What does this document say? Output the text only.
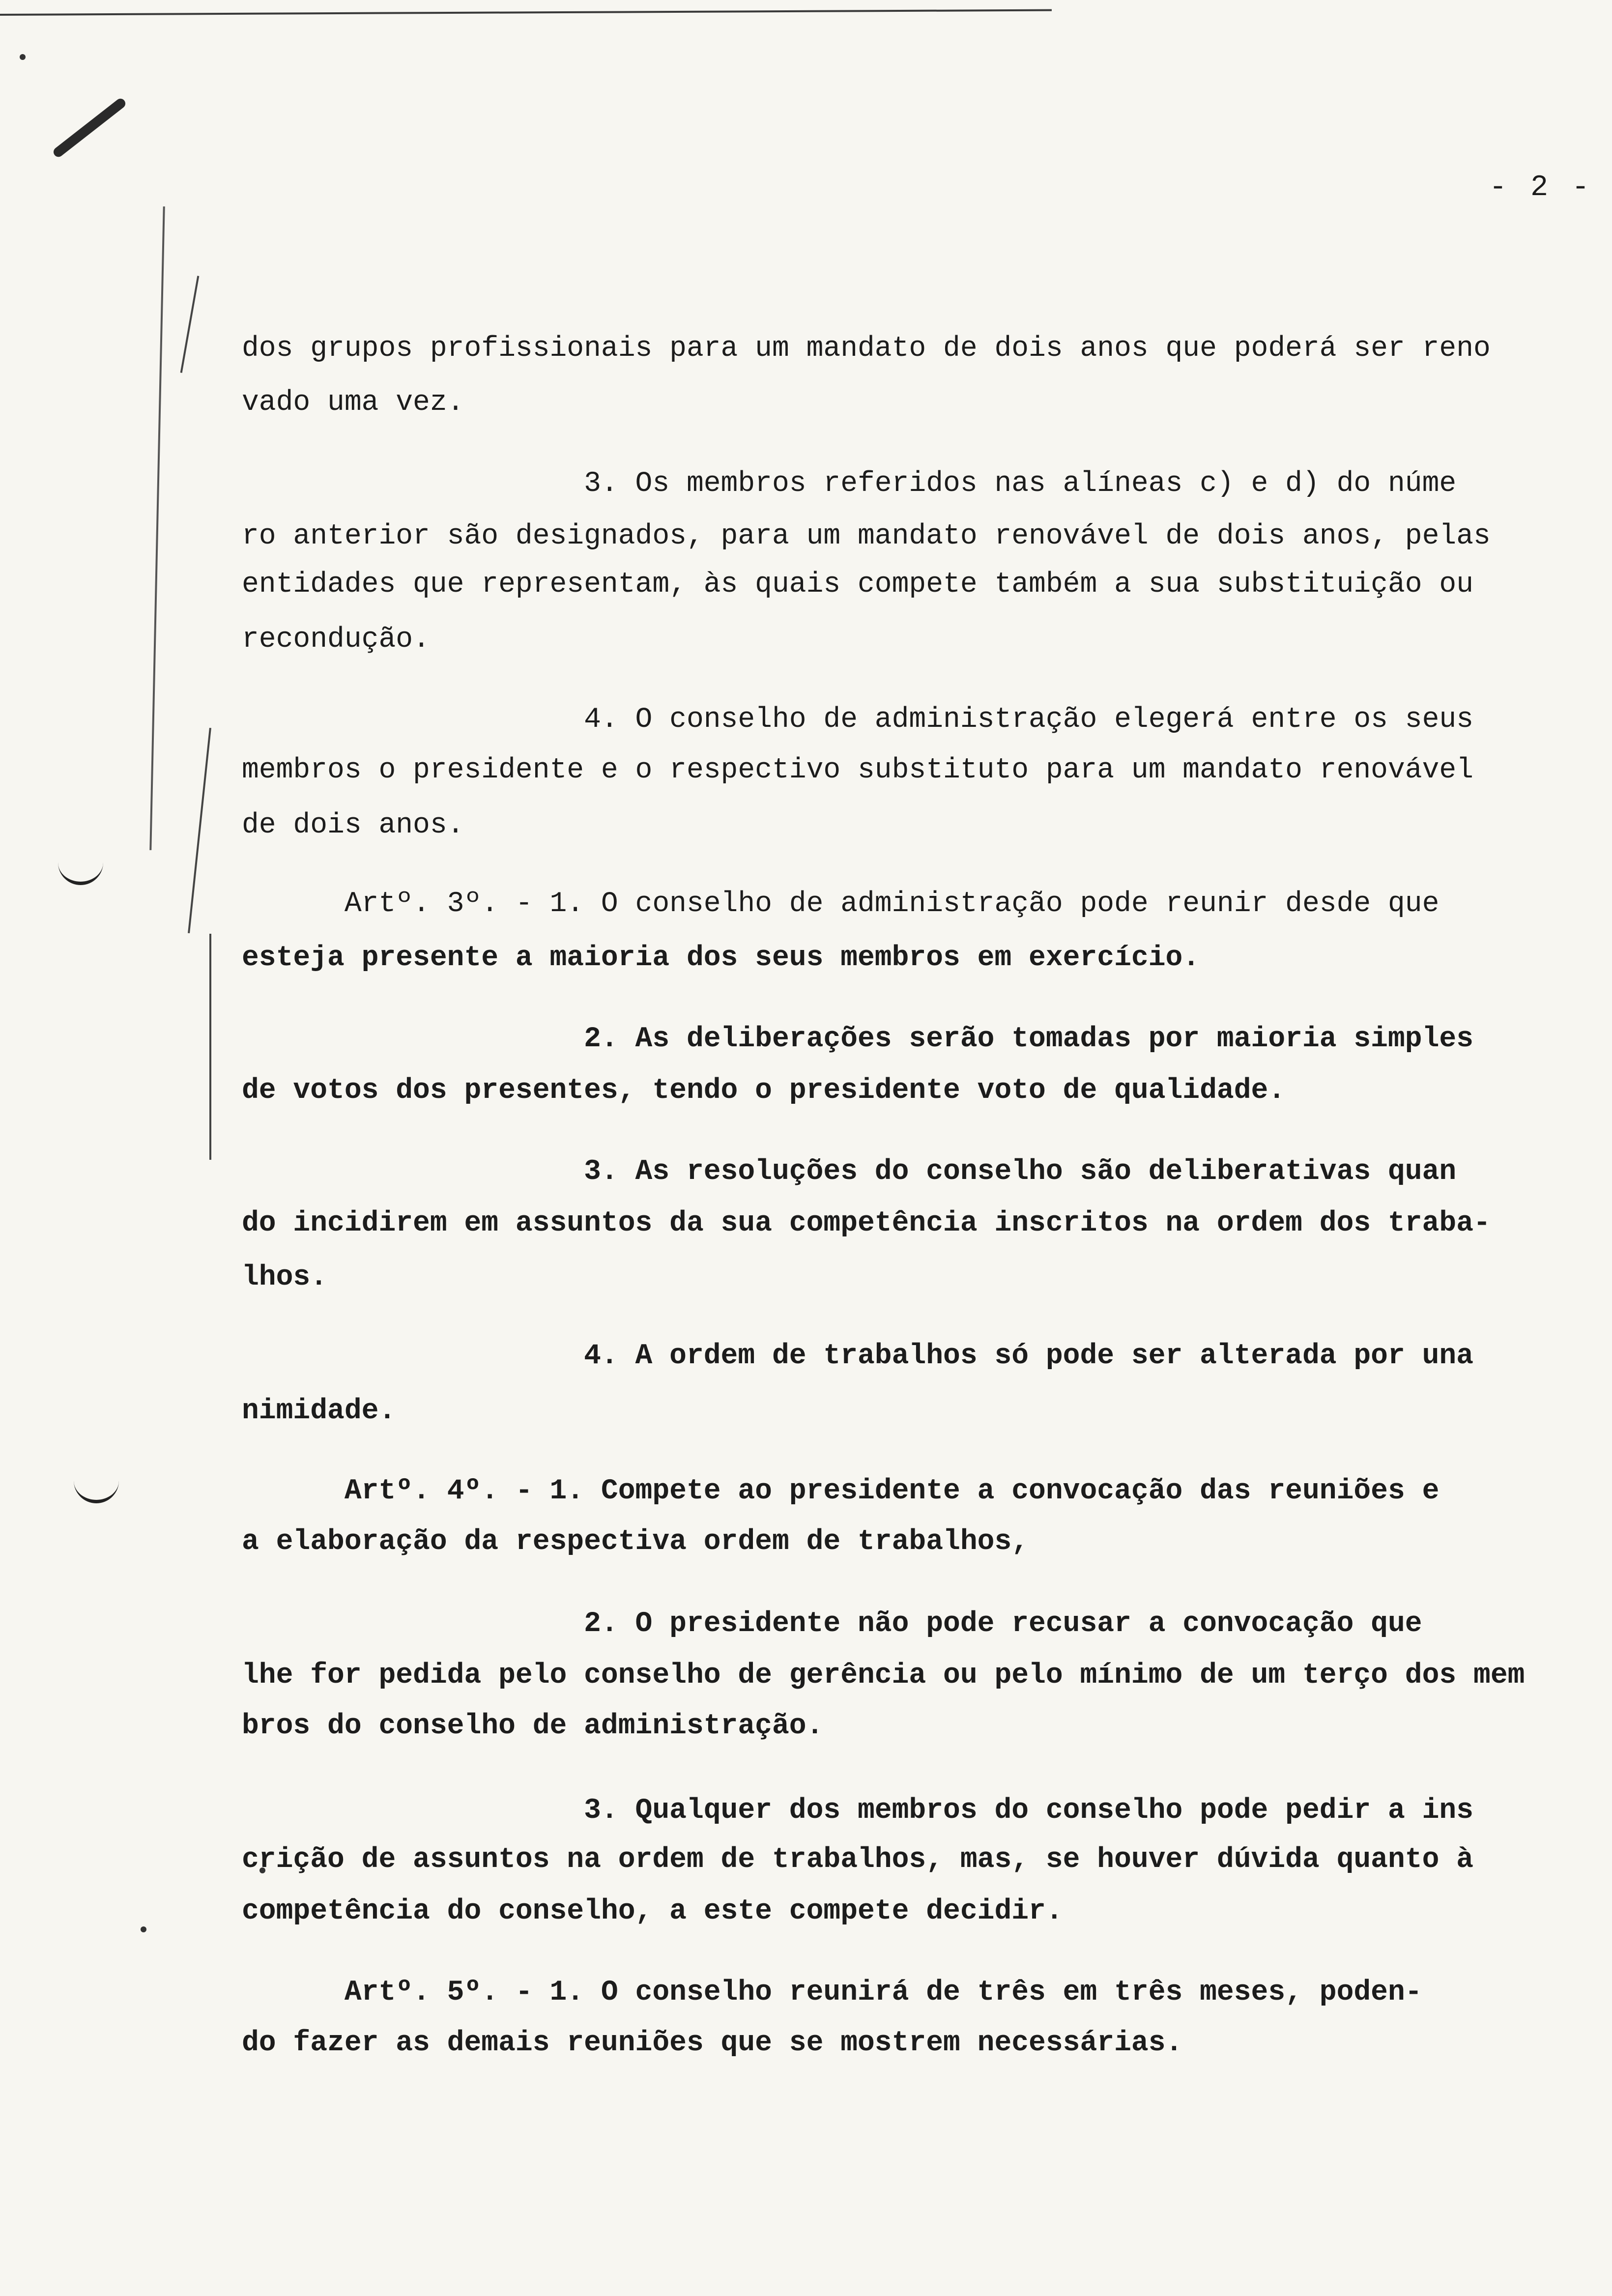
- 2 -
dos grupos profissionais para um mandato de dois anos que poderá ser reno
vado uma vez.
3. Os membros referidos nas alíneas c) e d) do núme
ro anterior são designados, para um mandato renovável de dois anos, pelas
entidades que representam, às quais compete também a sua substituição ou
recondução.
4. O conselho de administração elegerá entre os seus
membros o presidente e o respectivo substituto para um mandato renovável
de dois anos.
Artº. 3º. - 1. O conselho de administração pode reunir desde que
esteja presente a maioria dos seus membros em exercício.
2. As deliberações serão tomadas por maioria simples
de votos dos presentes, tendo o presidente voto de qualidade.
3. As resoluções do conselho são deliberativas quan
do incidirem em assuntos da sua competência inscritos na ordem dos traba-
lhos.
4. A ordem de trabalhos só pode ser alterada por una
nimidade.
Artº. 4º. - 1. Compete ao presidente a convocação das reuniões e
a elaboração da respectiva ordem de trabalhos,
2. O presidente não pode recusar a convocação que
lhe for pedida pelo conselho de gerência ou pelo mínimo de um terço dos mem
bros do conselho de administração.
3. Qualquer dos membros do conselho pode pedir a ins
crição de assuntos na ordem de trabalhos, mas, se houver dúvida quanto à
competência do conselho, a este compete decidir.
Artº. 5º. - 1. O conselho reunirá de três em três meses, poden-
do fazer as demais reuniões que se mostrem necessárias.
